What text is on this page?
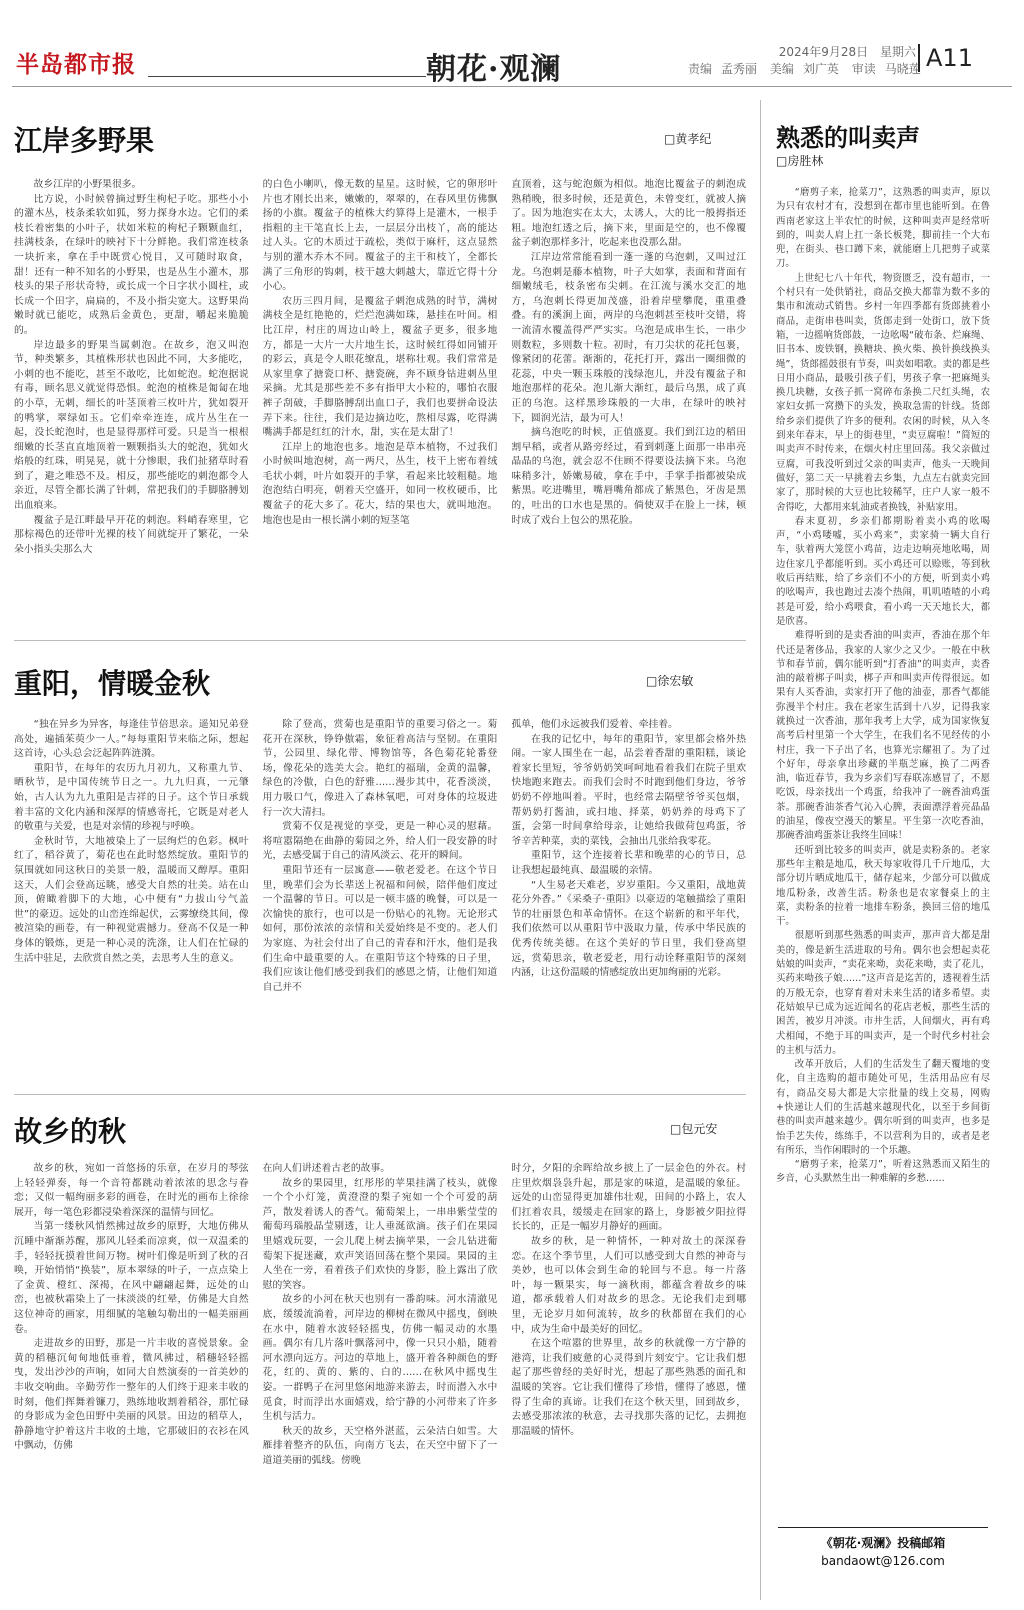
半岛都市报	朝花·观澜	2024年9月28日 星期六
责编 孟秀丽 美编 刘广英 审读 马晓莲 A11
江岸多野果	□黄孝纪

故乡江岸的小野果很多。

比方说，小时候曾摘过野生枸杞子吃。那些小小的灌木丛，枝条柔软如狐，努力探身水边。它们的柔枝长着密集的小叶子，状如米粒的枸杞子颗颗血红，挂满枝条，在绿叶的映衬下十分鲜艳。我们常连枝条一块折来，拿在手中既赏心悦目，又可随时取食，甜！还有一种不知名的小野果，也是丛生小灌木，那枝头的果子形状奇特，或长成一个日字状小圆柱，或长成一个田字，扁扁的，不及小指尖宽大。这野果尚嫩时就已能吃，成熟后金黄色，更甜，嚼起来脆脆的。

岸边最多的野果当属刺泡。在故乡，泡又叫泡节，种类繁多，其植株形状也因此不同，大多能吃，小刺的也不能吃，甚至不敢吃，比如蛇泡。蛇泡据说有毒，顾名思义就觉得恐惧。蛇泡的植株是匍匐在地的小草，无刺，细长的叶茎顶着三枚叶片，犹如裂开的鸭掌，翠绿如玉。它们牵牵连连，成片丛生在一起，没长蛇泡时，也是显得那样可爱。只是当一根根细嫩的长茎直直地顶着一颗颗指头大的蛇泡，犹如火焰般的红珠，明晃晃，就十分惨眼，我们扯猪草时看到了，避之唯恐不及。相反，那些能吃的刺泡都令人亲近，尽管全都长满了针刺，常把我们的手脚胳膊划出血痕来。

覆盆子是江畔最早开花的刺泡。料峭春寒里，它那棕褐色的还带叶光裸的枝丫间就绽开了繁花，一朵朵小指头尖那么大

的白色小喇叭，像无数的星星。这时候，它的卵形叶片也才刚长出来，嫩嫩的，翠翠的，在春风里仿佛飘扬的小旗。覆盆子的植株大约算得上是灌木，一根手指粗的主干笔直长上去，一层层分出枝丫，高的能达过人头。它的木质过于疏松，类似于麻杆，这点显然与别的灌木乔木不同。覆盆子的主干和枝丫，全都长满了三角形的钩刺，枝干越大刺越大，靠近它得十分小心。

农历三四月间，是覆盆子刺泡成熟的时节，满树满枝全是红艳艳的，烂烂泡满如珠，悬挂在叶间。相比江岸，村庄的周边山岭上，覆盆子更多，很多地方，都是一大片一大片地生长，这时候红得如同铺开的彩云，真是令人眼花缭乱，堪称壮观。我们常常是从家里拿了搪瓷口杯、搪瓷碗，奔不顾身钻进刺丛里采摘。尤其是那些差不多有指甲大小粒的，哪怕衣服裤子刮破，手脚胳膊刮出血口子，我们也要拼命设法弄下来。往往，我们是边摘边吃，熬相尽露，吃得满嘴满手都是红红的汁水，甜，实在是太甜了！

江岸上的地泡也多。地泡是草本植物，不过我们小时候叫地泡树，高一两尺，丛生，枝干上密布着绒毛状小刺，叶片如裂开的手掌，看起来比较粗糙。地泡泡结白明亮，朝着天空盛开，如同一枚枚硬币，比覆盆子的花大多了。花大，结的果也大，就叫地泡。地泡也是由一根长满小刺的短茎笔

直顶着，这与蛇泡颇为相似。地泡比覆盆子的刺泡成熟稍晚，很多时候，还是黄色，未曾变红，就被人摘了。因为地泡实在太大，太诱人，大的比一般拇指还粗。地泡红透之后，摘下来，里面是空的，也不像覆盆子刺泡那样多汁，吃起来也没那么甜。

江岸边常常能看到一蓬一蓬的乌泡刺，又叫过江龙。乌泡刺是藤本植物，叶子大如掌，表面和背面有细嫩绒毛，枝条密布尖刺。在江流与溪水交汇的地方，乌泡刺长得更加茂盛，沿着岸壁攀爬，重重叠叠。有的溪涧上面，两岸的乌泡刺甚至枝叶交错，将一流清水覆盖得严严实实。乌泡是成串生长，一串少则数粒，多则数十粒。初时，有刀尖状的花托包裹，像紧闭的花蕾。渐渐的，花托打开，露出一圈细微的花蕊，中央一颗玉珠般的浅绿泡儿，并没有覆盆子和地泡那样的花朵。泡儿渐大渐红，最后乌黑，成了真正的乌泡。这样黑珍珠般的一大串，在绿叶的映衬下，圆润光洁，最为可人！

摘乌泡吃的时候，正值盛夏。我们到江边的稻田割早稻，或者从路旁经过，看到刺蓬上面那一串串亮晶晶的乌泡，就会忍不住顾不得要设法摘下来。乌泡味稍多汁，娇嫩易破，拿在手中，手掌手指都被染成紫黑。吃进嘴里，嘴唇嘴角都成了紫黑色，牙齿是黑的，吐出的口水也是黑的。倘使双手在脸上一抹，顿时成了戏台上包公的黑花脸。

重阳，情暖金秋	□徐宏敏

“独在异乡为异客，每逢佳节倍思亲。遥知兄弟登高处，遍插茱萸少一人。”每每重阳节来临之际，想起这首诗，心头总会泛起阵阵涟漪。

重阳节，在每年的农历九月初九，又称重九节、晒秋节，是中国传统节日之一。九九归真，一元肇始，古人认为九九重阳是吉祥的日子。这个节日承载着丰富的文化内涵和深厚的情感寄托，它既是对老人的敬重与关爱，也是对亲情的珍视与呼唤。

金秋时节，大地被染上了一层绚烂的色彩。枫叶红了，稻谷黄了，菊花也在此时悠然绽放。重阳节的氛围就如同这秋日的美景一般，温暖而又醇厚。重阳这天，人们会登高远眺，感受大自然的壮美。站在山顶，俯瞰着脚下的大地，心中便有“力拔山兮气盖世”的豪迈。远处的山峦连绵起伏，云雾缭绕其间，像被渲染的画卷，有一种视觉震撼力。登高不仅是一种身体的锻炼，更是一种心灵的洗涤，让人们在忙碌的生活中驻足，去欣赏自然之美，去思考人生的意义。

除了登高，赏菊也是重阳节的重要习俗之一。菊花开在深秋，铮铮傲霜，象征着高洁与坚韧。在重阳节，公园里、绿化带、博物馆等，各色菊花轮番登场，像花朵的选美大会。艳红的福瑞，金黄的温馨，绿色的冷傲，白色的舒雅……漫步其中，花香淡淡，用力吸口气，像进入了森林氧吧，可对身体的垃圾进行一次大清扫。

赏菊不仅是视觉的享受，更是一种心灵的慰藉。将喧嚣隔绝在曲静的菊园之外，给人们一段安静的时光，去感受属于自己的清风淡云、花开的瞬间。

重阳节还有一层寓意——敬老爱老。在这个节日里，晚辈们会为长辈送上祝福和问候，陪伴他们度过一个温馨的节日。可以是一顿丰盛的晚餐，可以是一次愉快的旅行，也可以是一份贴心的礼物。无论形式如何，那份浓浓的亲情和关爱始终是不变的。老人们为家庭、为社会付出了自己的青春和汗水，他们是我们生命中最重要的人。在重阳节这个特殊的日子里，我们应该让他们感受到我们的感恩之情，让他们知道自己并不

孤单，他们永远被我们爱着、牵挂着。

在我的记忆中，每年的重阳节，家里都会格外热闹。一家人围坐在一起，品尝着香甜的重阳糕，谈论着家长里短，爷爷奶奶笑呵呵地看着我们在院子里欢快地跑来跑去。而我们会时不时跑到他们身边，爷爷奶奶不停地叫着。平时，也经常去隔壁爷爷买包烟，帮奶奶打酱油，或扫地、择菜，奶奶养的母鸡下了蛋，会第一时间拿给母亲，让她给我做荷包鸡蛋，爷爷辛苦种菜，卖的菜钱，会抽出几张给我零花。

重阳节，这个连接着长辈和晚辈的心的节日，总让我想起最纯真、最温暖的亲情。

“人生易老天难老，岁岁重阳。今又重阳，战地黄花分外香。”《采桑子·重阳》以豪迈的笔触描绘了重阳节的壮丽景色和革命情怀。在这个崭新的和平年代，我们依然可以从重阳节中汲取力量，传承中华民族的优秀传统美德。在这个美好的节日里，我们登高望远，赏菊思亲，敬老爱老，用行动诠释重阳节的深刻内涵，让这份温暖的情感绽放出更加绚丽的光彩。

故乡的秋	□包元安

故乡的秋，宛如一首悠扬的乐章，在岁月的琴弦上轻轻弹奏，每一个音符都跳动着浓浓的思念与眷恋；又似一幅绚丽多彩的画卷，在时光的画布上徐徐展开，每一笔色彩都浸染着深深的温情与回忆。

当第一缕秋风悄然拂过故乡的原野，大地仿佛从沉睡中渐渐苏醒，那风儿轻柔而凉爽，似一双温柔的手，轻轻抚摸着世间万物。树叶们像是听到了秋的召唤，开始悄悄“换装”，原本翠绿的叶子，一点点染上了金黄、橙红、深褐，在风中翩翩起舞，远处的山峦，也被秋霜染上了一抹淡淡的红晕，仿佛是大自然这位神奇的画家，用细腻的笔触勾勒出的一幅美丽画卷。

走进故乡的田野，那是一片丰收的喜悦景象。金黄的稻穗沉甸甸地低垂着，微风拂过，稻穗轻轻摇曳，发出沙沙的声响，如同大自然演奏的一首美妙的丰收交响曲。辛勤劳作一整年的人们终于迎来丰收的时刻，他们挥舞着镰刀，熟练地收割着稻谷，那忙碌的身影成为金色田野中美丽的风景。田边的稻草人，静静地守护着这片丰收的土地，它那破旧的衣衫在风中飘动，仿佛

在向人们讲述着古老的故事。

故乡的果园里，红彤彤的苹果挂满了枝头，就像一个个小灯笼，黄澄澄的梨子宛如一个个可爱的葫芦，散发着诱人的香气。葡萄架上，一串串紫莹莹的葡萄玛瑙般晶莹剔透，让人垂涎欲滴。孩子们在果园里嬉戏玩耍，一会儿爬上树去摘苹果，一会儿钻进葡萄架下捉迷藏，欢声笑语回荡在整个果园。果园的主人坐在一旁，看着孩子们欢快的身影，脸上露出了欣慰的笑容。

故乡的小河在秋天也别有一番韵味。河水清澈见底，缓缓流淌着，河岸边的柳树在微风中摇曳，倒映在水中，随着水波轻轻摇曳，仿佛一幅灵动的水墨画。偶尔有几片落叶飘落河中，像一只只小船，随着河水漂向远方。河边的草地上，盛开着各种颜色的野花，红的、黄的、紫的、白的……在秋风中摇曳生姿。一群鸭子在河里悠闲地游来游去，时而潜入水中觅食，时而浮出水面嬉戏，给宁静的小河带来了许多生机与活力。

秋天的故乡，天空格外湛蓝，云朵洁白如雪。大雁排着整齐的队伍，向南方飞去，在天空中留下了一道道美丽的弧线。傍晚

时分，夕阳的余晖给故乡披上了一层金色的外衣。村庄里炊烟袅袅升起，那是家的味道，是温暖的象征。远处的山峦显得更加雄伟壮观，田间的小路上，农人们扛着农具，缓缓走在回家的路上，身影被夕阳拉得长长的，正是一幅岁月静好的画面。

故乡的秋，是一种情怀，一种对故土的深深眷恋。在这个季节里，人们可以感受到大自然的神奇与美妙，也可以体会到生命的轮回与不息。每一片落叶，每一颗果实，每一滴秋雨，都蕴含着故乡的味道，都承载着人们对故乡的思念。无论我们走到哪里，无论岁月如何流转，故乡的秋都留在我们的心中，成为生命中最美好的回忆。

在这个喧嚣的世界里，故乡的秋就像一方宁静的港湾，让我们疲惫的心灵得到片刻安宁。它让我们想起了那些曾经的美好时光，想起了那些熟悉的面孔和温暖的笑容。它让我们懂得了珍惜，懂得了感恩，懂得了生命的真谛。让我们在这个秋天里，回到故乡，去感受那浓浓的秋意，去寻找那失落的记忆，去拥抱那温暖的情怀。

熟悉的叫卖声
□房胜林

“磨剪子来，抢菜刀”，这熟悉的叫卖声，原以为只有农村才有，没想到在都市里也能听到。在鲁西南老家这上半农忙的时候，这种叫卖声是经常听到的，叫卖人肩上扛一条长板凳，脚前挂一个大布兜，在街头、巷口蹲下来，就能磨上几把剪子或菜刀。

上世纪七八十年代，物资匮乏，没有超市，一个村只有一处供销社，商品交换大都靠为数不多的集市和流动式销售。乡村一年四季都有货郎挑着小商品，走街串巷叫卖，货郎走到一处街口，放下货箱，一边摇响货郎鼓，一边吆喝“破布条、烂麻绳、旧书本、废铁钢，换糖块、换火柴、换针换线换头绳”，货郎摇鼓很有节奏，叫卖如唱歌。卖的都是些日用小商品，最吸引孩子们，男孩子拿一把麻绳头换几块糖，女孩子抓一窝碎布条换二尺红头绳，农家妇女抓一窝攒下的头发，换取急需的针线。货郎给乡亲们提供了许多的便利。农闲的时候，从入冬到来年春末，早上的街巷里，“卖豆腐啦！”简短的叫卖声不时传来，在烟火村庄里回荡。我父亲做过豆腐，可我没听到过父亲的叫卖声，他头一天晚间做好，第二天一早挑着去乡集，九点左右就卖完回家了，那时候的大豆也比较稀罕，庄户人家一般不舍得吃，大都用来轧油或者换钱，补贴家用。

春末夏初，乡亲们都期盼着卖小鸡的吆喝声，“小鸡喽嘘，买小鸡来”，卖家骑一辆大自行车，驮着两大笼筐小鸡苗，边走边响亮地吆喝，周边住家几乎都能听到。买小鸡还可以赊账，等到秋收后再结账，给了乡亲们不小的方便，听到卖小鸡的吆喝声，我也跑过去凑个热闹，叽叽喳喳的小鸡甚是可爱，给小鸡喂食，看小鸡一天天地长大，都是欣喜。

难得听到的是卖香油的叫卖声，香油在那个年代还是奢侈品，我家的人家少之又少。一般在中秋节和春节前，偶尔能听到“打香油”的叫卖声，卖香油的敲着梆子叫卖，梆子声和叫卖声传得很远。如果有人买香油，卖家打开了他的油壶，那香气都能弥漫半个村庄。我在老家生活到十八岁，记得我家就换过一次香油，那年我考上大学，成为国家恢复高考后村里第一个大学生，在我们名不见经传的小村庄，我一下子出了名，也算光宗耀祖了。为了过个好年，母亲拿出珍藏的半瓶芝麻，换了二两香油，临近春节，我为乡亲们写春联冻感冒了，不愿吃饭，母亲找出一个鸡蛋，给我冲了一碗香油鸡蛋茶。那碗香油茶香气沁入心脾，表面漂浮着亮晶晶的油星，像夜空漫天的繁星。平生第一次吃香油，那碗香油鸡蛋茶让我终生回味！

还听到比较多的叫卖声，就是卖粉条的。老家那些年主粮是地瓜，秋天每家收得几千斤地瓜，大部分切片晒成地瓜干，储存起来，少部分可以做成地瓜粉条，改善生活。粉条也是农家餐桌上的主菜，卖粉条的拉着一地排车粉条，换回三倍的地瓜干。

很愿听到那些熟悉的叫卖声，那声音大都是甜美的，像是新生活进取的号角。偶尔也会想起卖花姑娘的叫卖声，“卖花来呦，卖花来呦，卖了花儿，买药来呦孩子娘……”这声音是迄苦的，透视着生活的万般无奈，也穿育着对未来生活的诸多希望。卖花姑娘早已成为远近闻名的花店老板，那些生活的困苦，被岁月冲淡。市井生活，人间烟火，再有鸡犬相闻，不绝于耳的叫卖声，是一个时代乡村社会的主机与活力。

改革开放后，人们的生活发生了翻天覆地的变化，自主选购的超市随处可见，生活用品应有尽有，商品交易大都是大宗批量的线上交易，网购+快递让人们的生活越来越现代化，以至于乡间街巷的叫卖声越来越少。偶尔听到的叫卖声，也多是怡手艺失传，练练手，不以营利为目的，或者是老有所乐，当作闲暇时的一个乐趣。

“磨剪子来，抢菜刀”，听着这熟悉而又陌生的乡音，心头默然生出一种难解的乡愁……

《朝花·观澜》投稿邮箱
bandaowt@126.com
